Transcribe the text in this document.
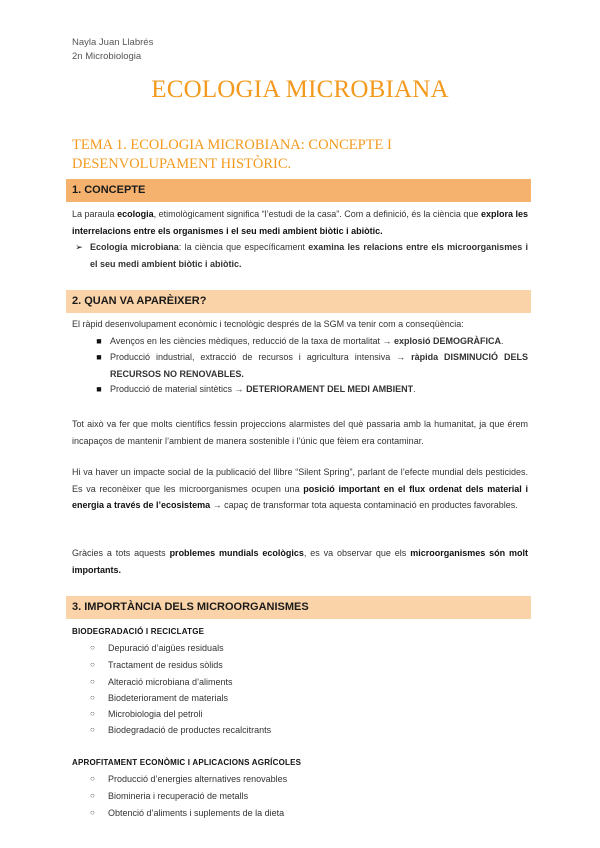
Nayla Juan Llabrés
2n Microbiologia
ECOLOGIA MICROBIANA
TEMA 1. ECOLOGIA MICROBIANA: CONCEPTE I DESENVOLUPAMENT HISTÒRIC.
1. CONCEPTE
La paraula ecologia, etimològicament significa “l’estudi de la casa”. Com a definició, és la ciència que explora les interrelacions entre els organismes i el seu medi ambient biòtic i abiòtic.
➢ Ecologia microbiana: la ciència que específicament examina les relacions entre els microorganismes i el seu medi ambient biòtic i abiòtic.
2. QUAN VA APARÈIXER?
El ràpid desenvolupament econòmic i tecnològic després de la SGM va tenir com a conseqüència:
■ Avenços en les ciències mèdiques, reducció de la taxa de mortalitat → explosió DEMOGRÀFICA.
■ Producció industrial, extracció de recursos i agricultura intensiva → ràpida DISMINUCIÓ DELS RECURSOS NO RENOVABLES.
■ Producció de material sintètics → DETERIORAMENT DEL MEDI AMBIENT.
Tot això va fer que molts científics fessin projeccions alarmistes del què passaria amb la humanitat, ja que érem incapaços de mantenir l’ambient de manera sostenible i l’únic que fèiem era contaminar.
Hi va haver un impacte social de la publicació del llibre “Silent Spring”, parlant de l’efecte mundial dels pesticides. Es va reconèixer que les microorganismes ocupen una posició important en el flux ordenat dels material i energia a través de l’ecosistema → capaç de transformar tota aquesta contaminació en productes favorables.
Gràcies a tots aquests problemes mundials ecològics, es va observar que els microorganismes són molt importants.
3. IMPORTÀNCIA DELS MICROORGANISMES
BIODEGRADACIÓ I RECICLATGE
○ Depuració d’aigües residuals
○ Tractament de residus sòlids
○ Alteració microbiana d’aliments
○ Biodeteriorament de materials
○ Microbiologia del petroli
○ Biodegradació de productes recalcitrants
APROFITAMENT ECONÒMIC I APLICACIONS AGRÍCOLES
○ Producció d’energies alternatives renovables
○ Biomineria i recuperació de metalls
○ Obtenció d’aliments i suplements de la dieta
